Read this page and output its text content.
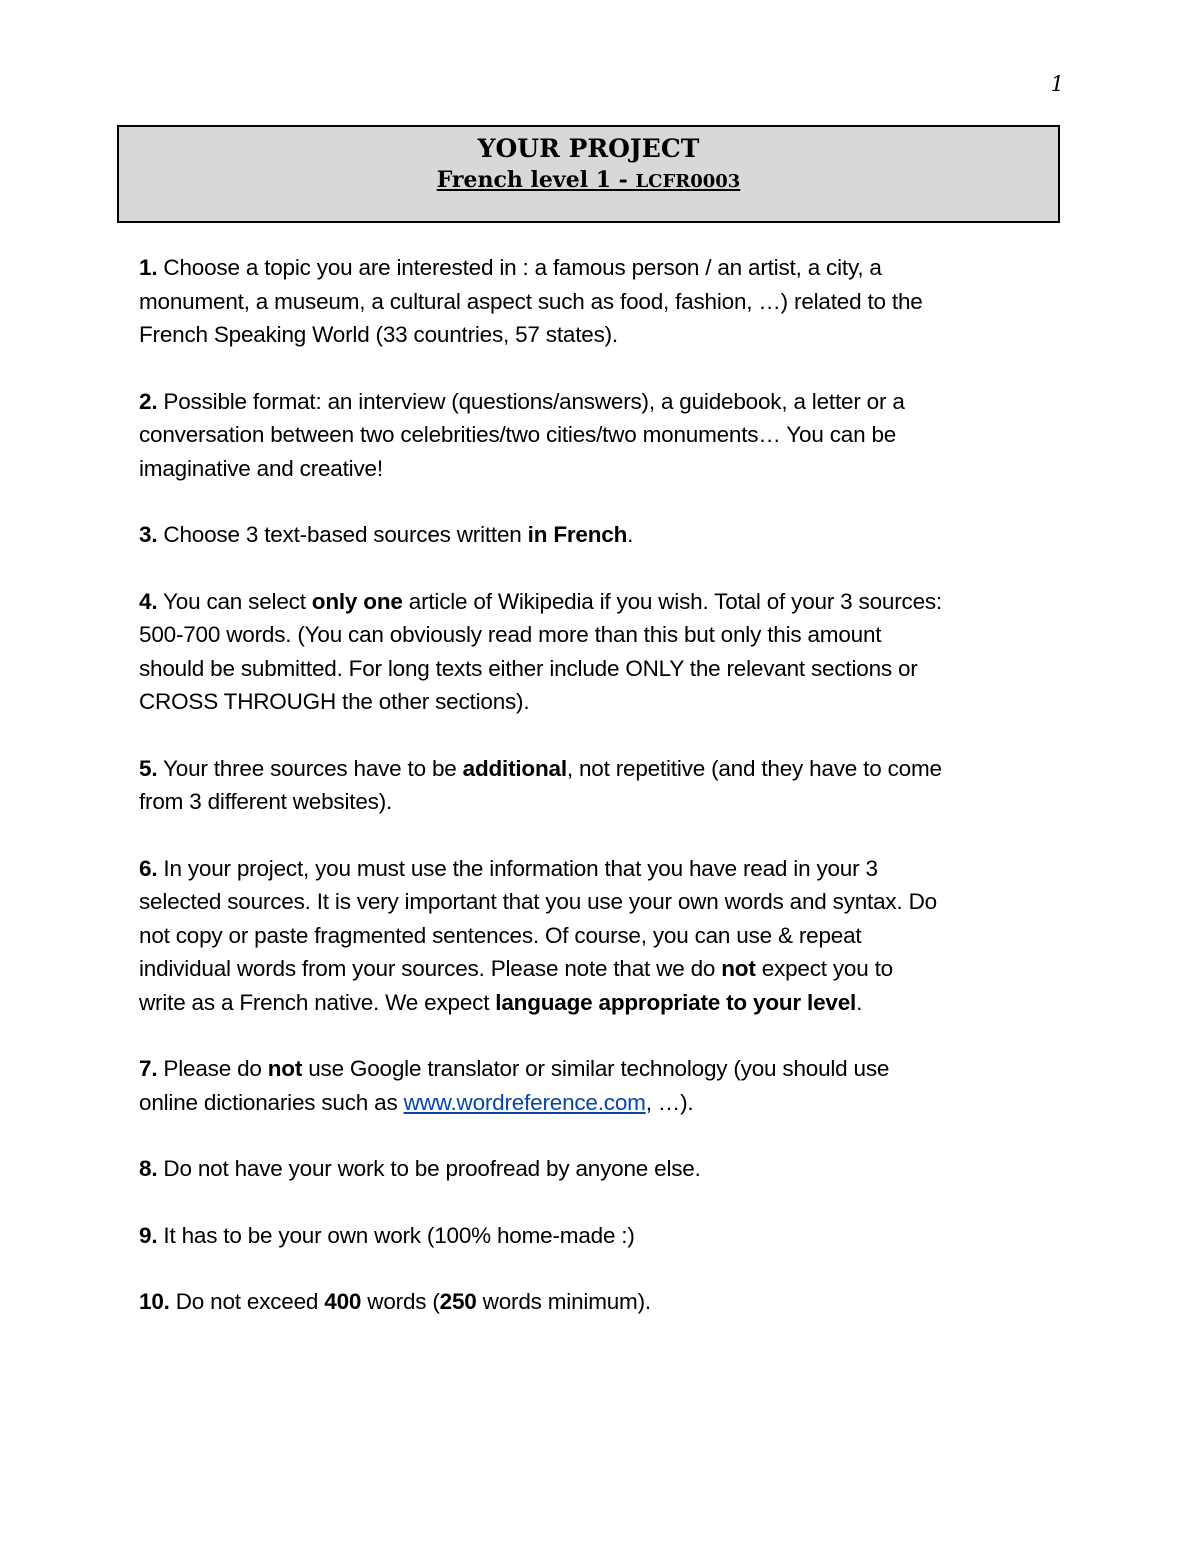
1
YOUR PROJECT
French level 1 - LCFR0003
1. Choose a topic you are interested in : a famous person / an artist, a city, a
monument, a museum, a cultural aspect such as food, fashion, …) related to the
French Speaking World (33 countries, 57 states).
2. Possible format: an interview (questions/answers), a guidebook, a letter or a
conversation between two celebrities/two cities/two monuments… You can be
imaginative and creative!
3. Choose 3 text-based sources written in French.
4. You can select only one article of Wikipedia if you wish. Total of your 3 sources:
500-700 words. (You can obviously read more than this but only this amount
should be submitted. For long texts either include ONLY the relevant sections or
CROSS THROUGH the other sections).
5. Your three sources have to be additional, not repetitive (and they have to come
from 3 different websites).
6. In your project, you must use the information that you have read in your 3
selected sources. It is very important that you use your own words and syntax. Do
not copy or paste fragmented sentences. Of course, you can use & repeat
individual words from your sources. Please note that we do not expect you to
write as a French native. We expect language appropriate to your level.
7. Please do not use Google translator or similar technology (you should use
online dictionaries such as www.wordreference.com, …).
8. Do not have your work to be proofread by anyone else.
9. It has to be your own work (100% home-made :)
10. Do not exceed 400 words (250 words minimum).
